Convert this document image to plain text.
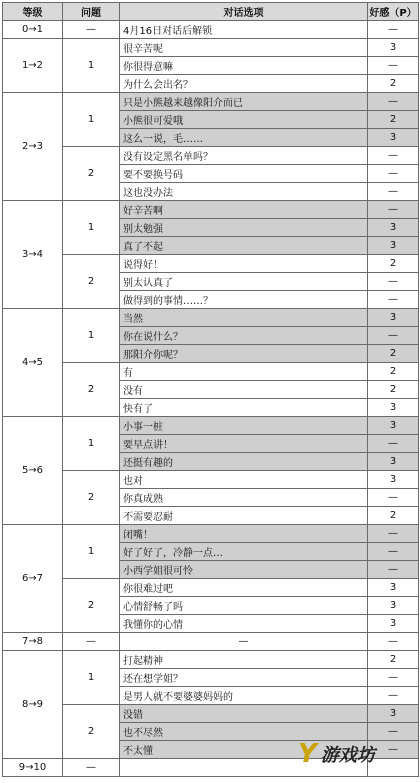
等级	问题	对话选项	好感（P）
0→1	—	4月16日对话后解锁	—
1→2	1	很辛苦呢	3
		你很得意嘛	—
		为什么会出名？	2
2→3	1	只是小熊越来越像阳介而已	—
		小熊很可爱哦	2
		这么一说，毛……	3
	2	没有设定黑名单吗？	—
		要不要换号码	—
		这也没办法	—
3→4	1	好辛苦啊	—
		别太勉强	3
		真了不起	3
	2	说得好！	2
		别太认真了	—
		做得到的事情……？	—
4→5	1	当然	3
		你在说什么？	—
		那阳介你呢？	2
	2	有	2
		没有	2
		快有了	3
5→6	1	小事一桩	3
		要早点讲！	—
		还挺有趣的	3
	2	也对	3
		你真成熟	—
		不需要忍耐	2
6→7	1	闭嘴！	—
		好了好了，冷静一点…	—
		小西学姐很可怜	—
	2	你很难过吧	3
		心情舒畅了吗	3
		我懂你的心情	3
7→8	—	—	—
8→9	1	打起精神	2
		还在想学姐？	—
		是男人就不要婆婆妈妈的	—
	2	没错	3
		也不尽然	—
		不太懂	—
9→10	—			Y 游戏坊
